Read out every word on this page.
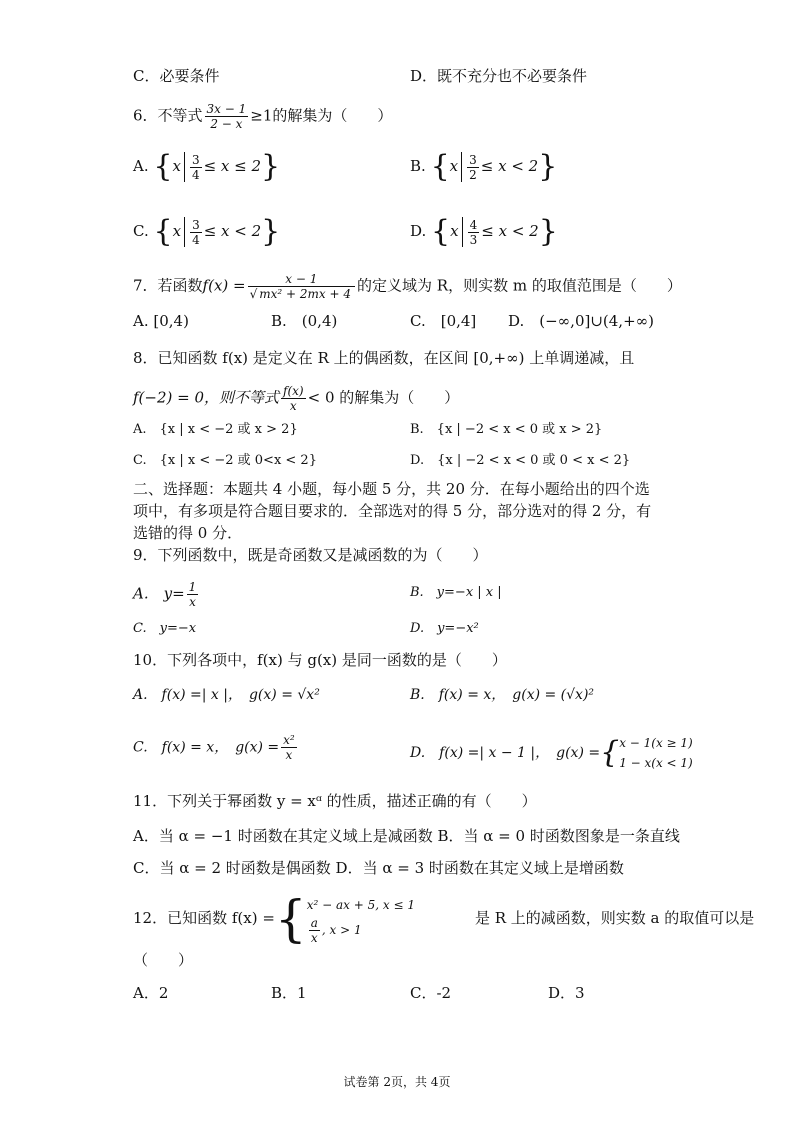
C．必要条件	D．既不充分也不必要条件
6．不等式 $\frac{3x - 1}{2 - x} \ge 1$的解集为（　　）
A. $\{x \frac{3}{4} \le x \le 2\}$	B. $\{x \frac{3}{2} \le x < 2\}$
C. $\{x \frac{3}{4} \le x < 2\}$	D. $\{x \frac{4}{3} \le x < 2\}$
7．若函数$f(x) = \frac{x - 1}{\text{√ mx² + 2mx + 4}}$ 的定义域为 R，则实数 m 的取值范围是（　　）
A. [0,4)	B.　(0,4)	C.　[0,4] D.　(−∞,0]∪(4,+∞)
8．已知函数 f(x) 是定义在 R 上的偶函数，在区间 [0,+∞) 上单调递减，且
f(−2) = 0，则不等式 $\frac{f(x)}{x} < 0$ 的解集为（　　）
A.　{x | x < −2 或 x > 2}	B.　{x | −2 < x < 0 或 x > 2}
C.　{x | x < −2 或 0<x < 2}	D.　{x | −2 < x < 0 或 0 < x < 2}
二、选择题：本题共 4 小题，每小题 5 分，共 20 分．在每小题给出的四个选项中，有多项是符合题目要求的．全部选对的得 5 分，部分选对的得 2 分，有选错的得 0 分．
9．下列函数中，既是奇函数又是减函数的为（　　）
A.　$y= \frac{1}{x}$	B.　y=−x | x |
C.　y=−x	D.　y=−x²
10．下列各项中，f(x) 与 g(x) 是同一函数的是（　　）
A.　f(x) =| x |，　g(x) = √x²	B.　f(x) = x，　g(x) = (√x)²
C.　f(x) = x，　$g(x) = \frac{\text{x²}}{x}$	D.　f(x) =| x − 1 |，　g(x) ={ x − 1(x ≥ 1)
1 − x(x < 1)
11．下列关于幂函数 y = xᵅ 的性质，描述正确的有（　　）
A．当 α = −1 时函数在其定义域上是减函数 B．当 α = 0 时函数图象是一条直线
C．当 α = 2 时函数是偶函数 D．当 α = 3 时函数在其定义域上是增函数
12．已知函数 f(x) ={ x² − ax + 5, x ≤ 1
$\frac{a}{x}$ , x > 1
是 R 上的减函数，则实数 a 的取值可以是
（　　）
A．2	B．1	C．-2	D．3
试卷第 2页，共 4页
